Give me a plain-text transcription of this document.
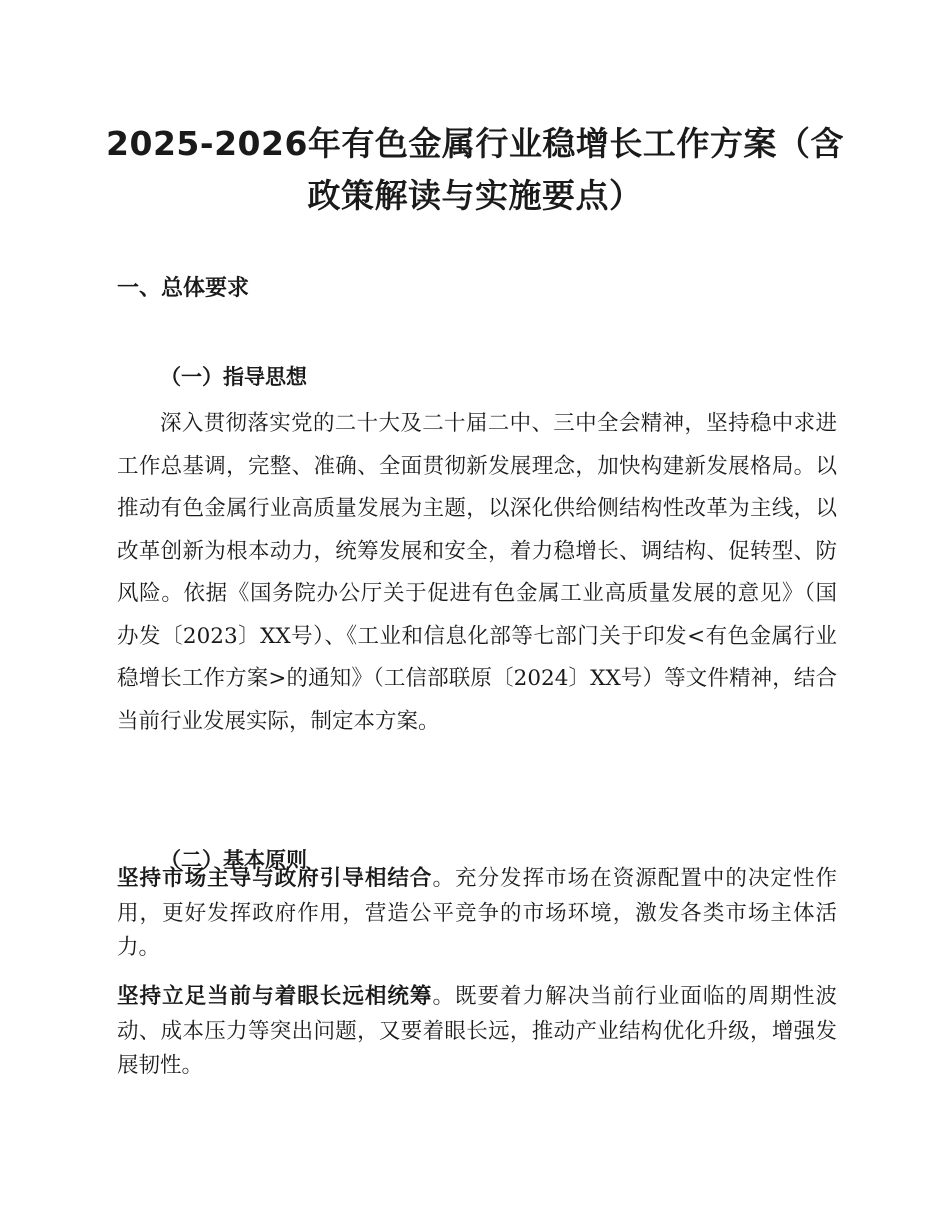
2025-2026年有色金属行业稳增长工作方案（含政策解读与实施要点）
一、总体要求
（一）指导思想

深入贯彻落实党的二十大及二十届二中、三中全会精神，坚持稳中求进工作总基调，完整、准确、全面贯彻新发展理念，加快构建新发展格局。以推动有色金属行业高质量发展为主题，以深化供给侧结构性改革为主线，以改革创新为根本动力，统筹发展和安全，着力稳增长、调结构、促转型、防风险。依据《国务院办公厅关于促进有色金属工业高质量发展的意见》（国办发〔2023〕XX号）、《工业和信息化部等七部门关于印发<有色金属行业稳增长工作方案>的通知》（工信部联原〔2024〕XX号）等文件精神，结合当前行业发展实际，制定本方案。

（二）基本原则

坚持市场主导与政府引导相结合。充分发挥市场在资源配置中的决定性作用，更好发挥政府作用，营造公平竞争的市场环境，激发各类市场主体活力。

坚持立足当前与着眼长远相统筹。既要着力解决当前行业面临的周期性波动、成本压力等突出问题，又要着眼长远，推动产业结构优化升级，增强发展韧性。
